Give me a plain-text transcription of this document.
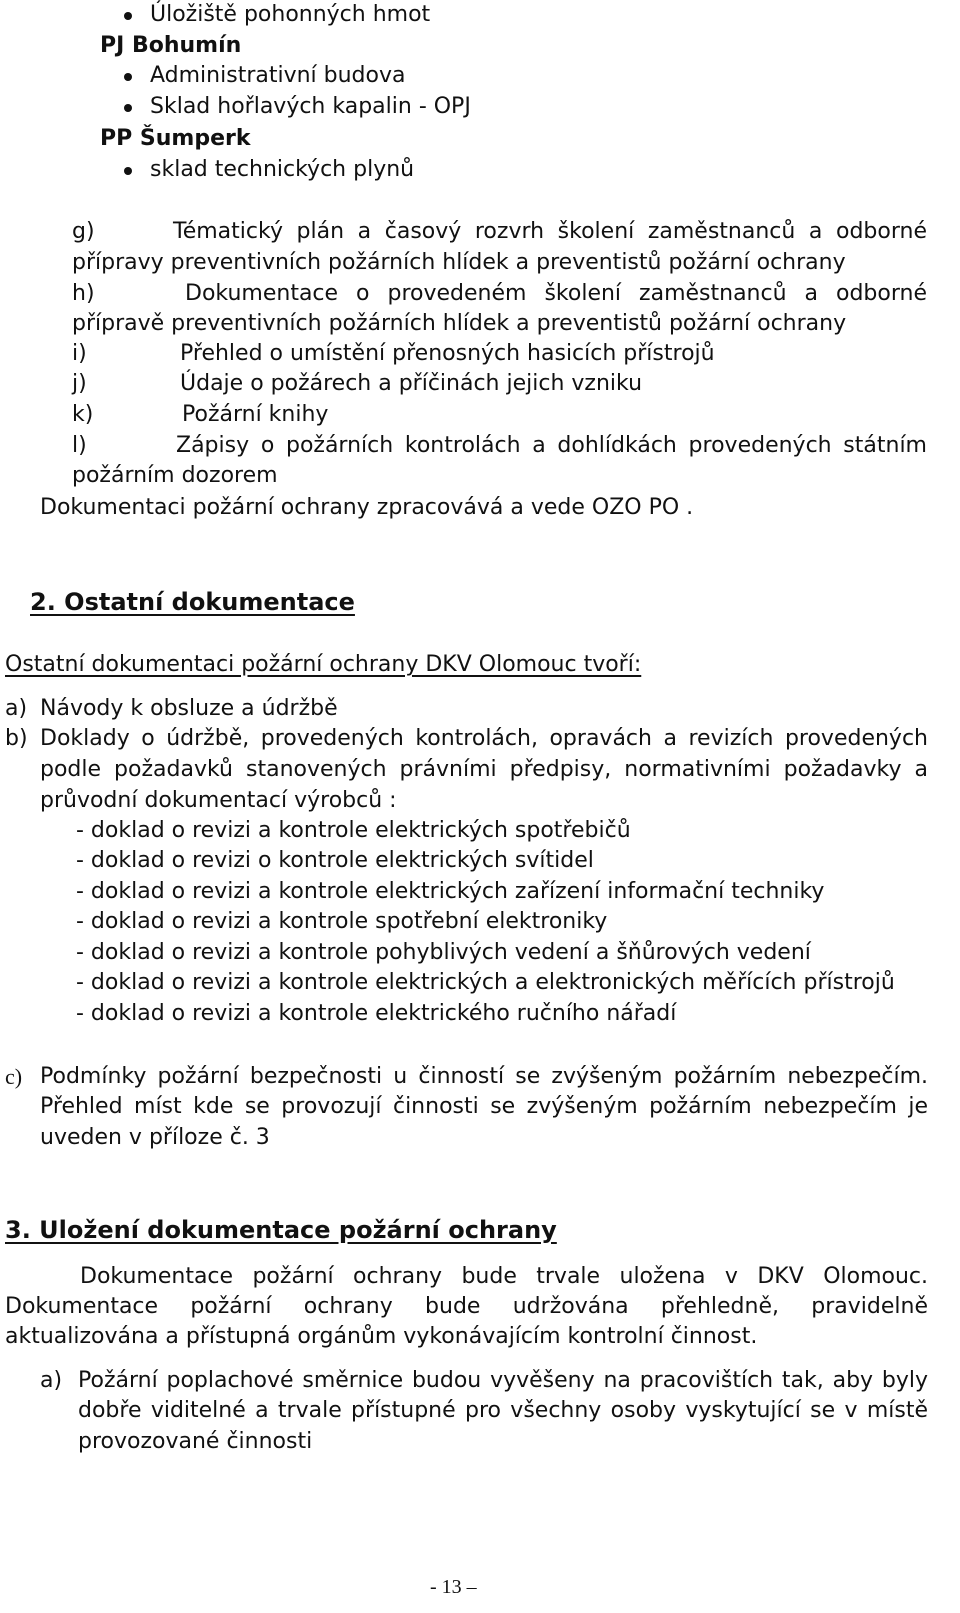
Úložiště pohonných hmot
PJ Bohumín
Administrativní budova
Sklad hořlavých kapalin - OPJ
PP Šumperk
sklad technických plynů
g)	Tématický plán a časový rozvrh školení zaměstnanců a odborné
přípravy preventivních požárních hlídek a preventistů požární ochrany
h)	Dokumentace o provedeném školení zaměstnanců a odborné
přípravě preventivních požárních hlídek a preventistů požární ochrany
i)	Přehled o umístění přenosných hasicích přístrojů
j)	Údaje o požárech a příčinách jejich vzniku
k)	Požární knihy
l)	Zápisy o požárních kontrolách a dohlídkách provedených státním
požárním dozorem
Dokumentaci požární ochrany zpracovává a vede OZO PO .
2. Ostatní dokumentace
Ostatní dokumentaci požární ochrany DKV Olomouc tvoří:
a) Návody k obsluze a údržbě
b) Doklady o údržbě, provedených kontrolách, opravách a revizích provedených
podle požadavků stanovených právními předpisy, normativními požadavky a
průvodní dokumentací výrobců :
- doklad o revizi a kontrole elektrických spotřebičů
- doklad o revizi o kontrole elektrických svítidel
- doklad o revizi a kontrole elektrických zařízení informační techniky
- doklad o revizi a kontrole spotřební elektroniky
- doklad o revizi a kontrole pohyblivých vedení a šňůrových vedení
- doklad o revizi a kontrole elektrických a elektronických měřících přístrojů
- doklad o revizi a kontrole elektrického ručního nářadí
c) Podmínky požární bezpečnosti u činností se zvýšeným požárním nebezpečím.
Přehled míst kde se provozují činnosti se zvýšeným požárním nebezpečím je
uveden v příloze č. 3
3. Uložení dokumentace požární ochrany
Dokumentace požární ochrany bude trvale uložena v DKV Olomouc.
Dokumentace požární ochrany bude udržována přehledně, pravidelně
aktualizována a přístupná orgánům vykonávajícím kontrolní činnost.
a) Požární poplachové směrnice budou vyvěšeny na pracovištích tak, aby byly
dobře viditelné a trvale přístupné pro všechny osoby vyskytující se v místě
provozované činnosti
- 13 –
